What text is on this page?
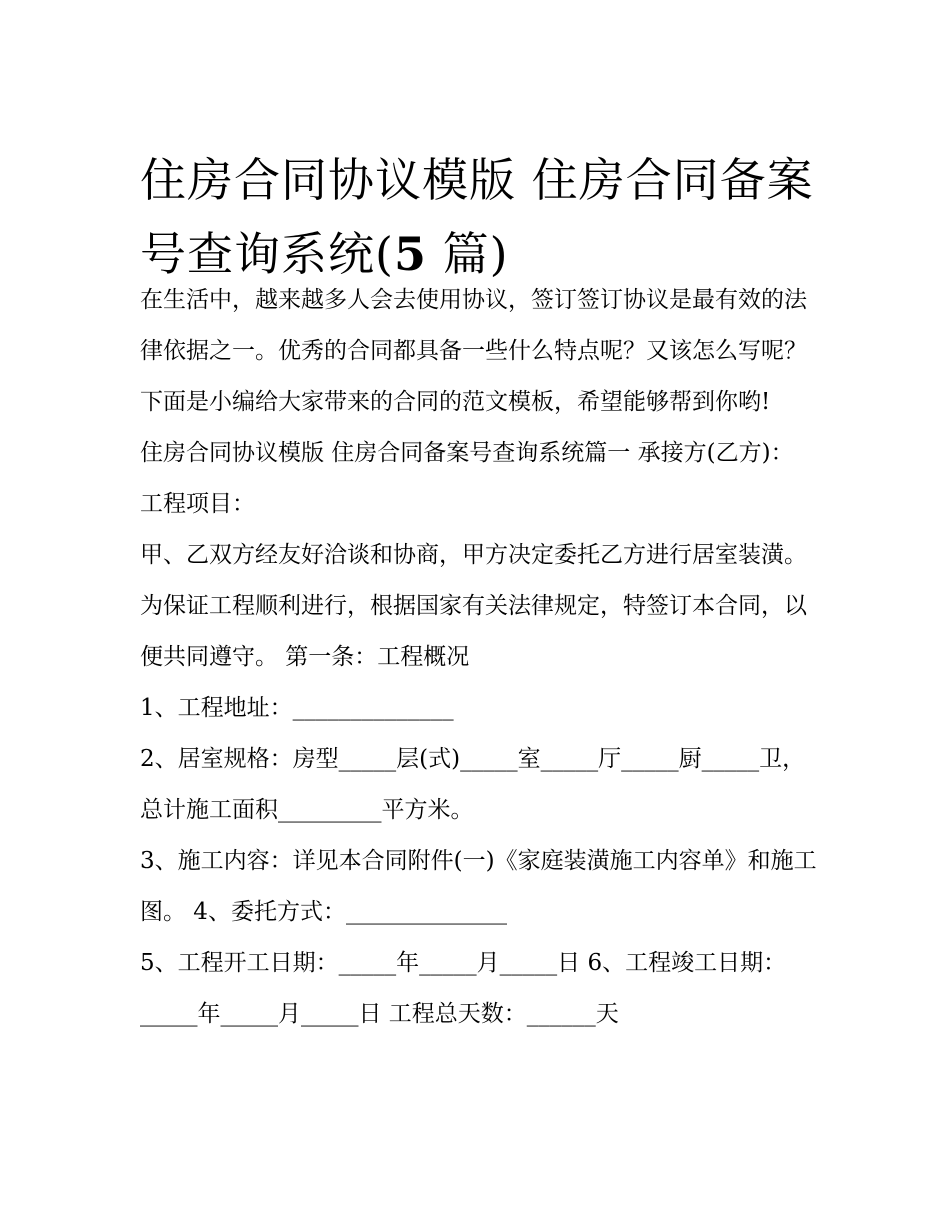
住房合同协议模版 住房合同备案号查询系统(5 篇)

在生活中，越来越多人会去使用协议，签订签订协议是最有效的法律依据之一。优秀的合同都具备一些什么特点呢？又该怎么写呢？下面是小编给大家带来的合同的范文模板，希望能够帮到你哟!

住房合同协议模版 住房合同备案号查询系统篇一 承接方(乙方)： 工程项目：

甲、乙双方经友好洽谈和协商，甲方决定委托乙方进行居室装潢。为保证工程顺利进行，根据国家有关法律规定，特签订本合同，以便共同遵守。 第一条：工程概况

1、工程地址：______________

2、居室规格：房型_____层(式)_____室_____厅_____厨_____卫，总计施工面积_________平方米。

3、施工内容：详见本合同附件(一)《家庭装潢施工内容单》和施工图。 4、委托方式：______________

5、工程开工日期：_____年_____月_____日 6、工程竣工日期：_____年_____月_____日 工程总天数：______天
